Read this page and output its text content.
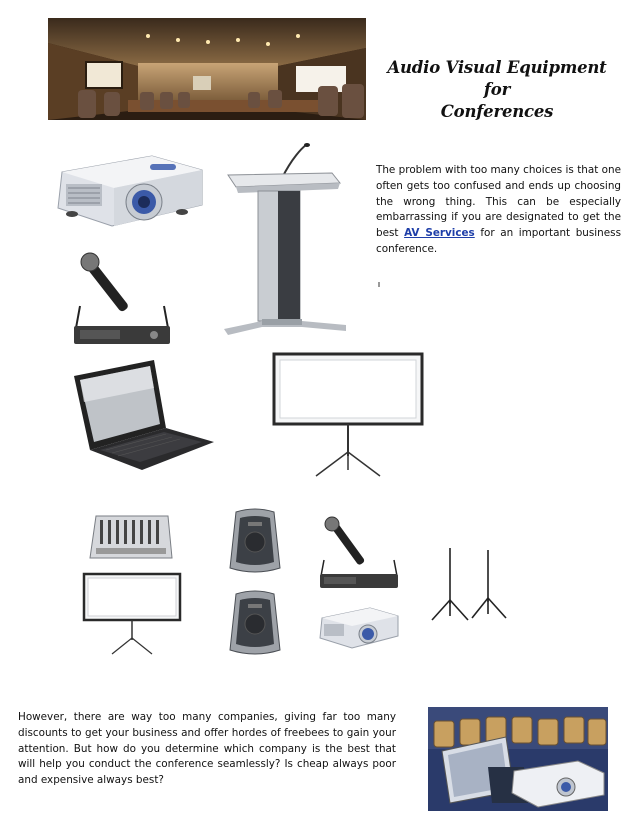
Audio Visual Equipment for
Conferences
The problem with too many choices is that one often gets too confused and ends up choosing the wrong thing. This can be especially embarrassing if you are designated to get the best AV Services for an important business conference.
However, there are way too many companies, giving far too many discounts to get your business and offer hordes of freebees to gain your attention. But how do you determine which company is the best that will help you conduct the conference seamlessly? Is cheap always poor and expensive always best?
